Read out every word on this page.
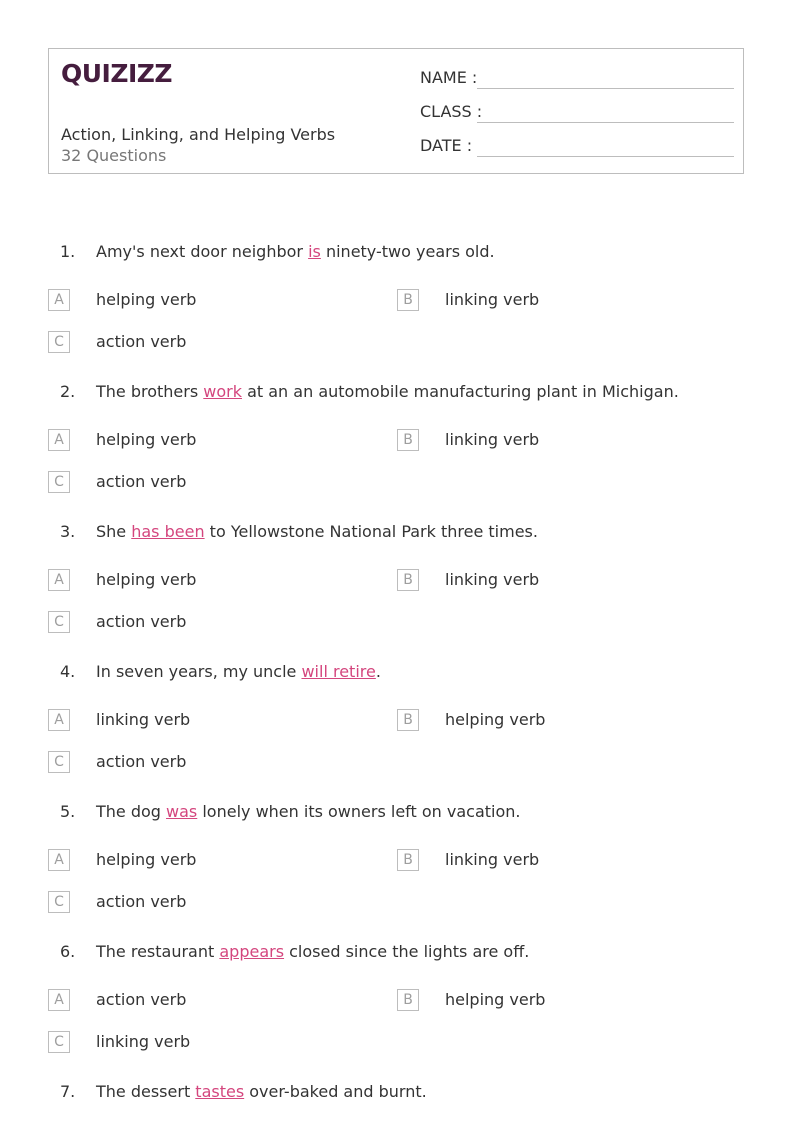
QUIZIZZ
Action, Linking, and Helping Verbs
32 Questions
NAME :
CLASS :
DATE :
1. Amy's next door neighbor is ninety-two years old.
A	helping verb	B	linking verb
C	action verb
2. The brothers work at an an automobile manufacturing plant in Michigan.
A	helping verb	B	linking verb
C	action verb
3. She has been to Yellowstone National Park three times.
A	helping verb	B	linking verb
C	action verb
4. In seven years, my uncle will retire.
A	linking verb	B	helping verb
C	action verb
5. The dog was lonely when its owners left on vacation.
A	helping verb	B	linking verb
C	action verb
6. The restaurant appears closed since the lights are off.
A	action verb	B	helping verb
C	linking verb
7. The dessert tastes over-baked and burnt.
